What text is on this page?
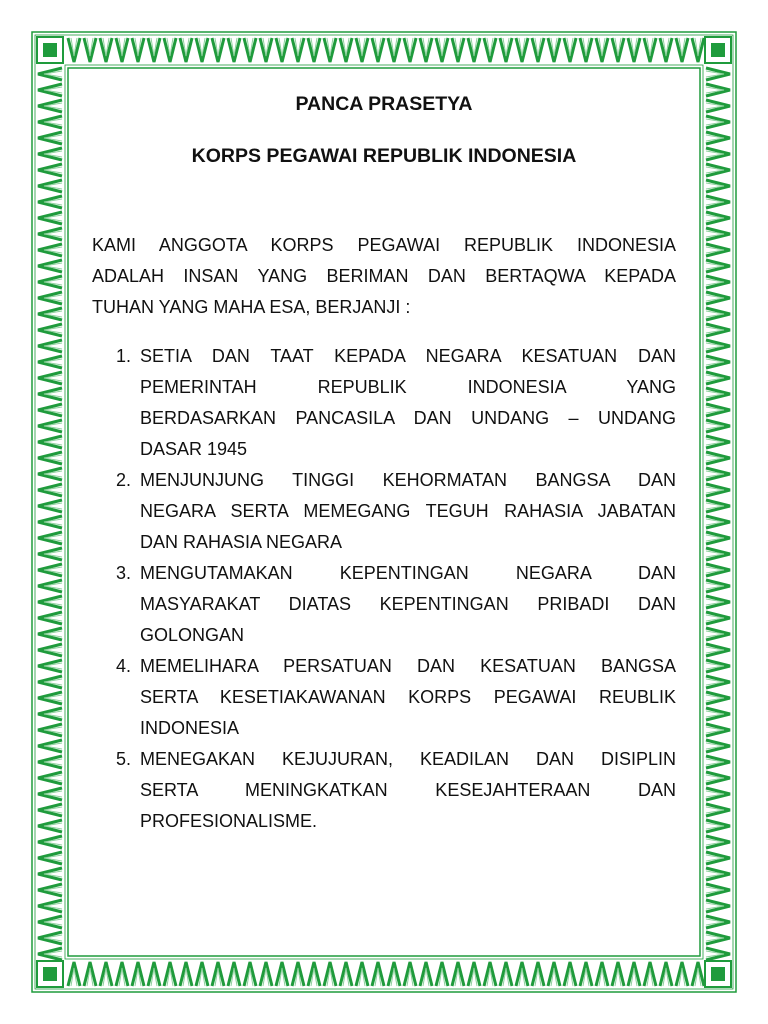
PANCA PRASETYA
KORPS PEGAWAI REPUBLIK INDONESIA
KAMI ANGGOTA KORPS PEGAWAI REPUBLIK INDONESIA
ADALAH INSAN YANG BERIMAN DAN BERTAQWA KEPADA
TUHAN YANG MAHA ESA, BERJANJI :
1. SETIA DAN TAAT KEPADA NEGARA KESATUAN DAN
PEMERINTAH REPUBLIK INDONESIA YANG
BERDASARKAN PANCASILA DAN UNDANG – UNDANG
DASAR 1945
2. MENJUNJUNG TINGGI KEHORMATAN BANGSA DAN
NEGARA SERTA MEMEGANG TEGUH RAHASIA JABATAN
DAN RAHASIA NEGARA
3. MENGUTAMAKAN KEPENTINGAN NEGARA DAN
MASYARAKAT DIATAS KEPENTINGAN PRIBADI DAN
GOLONGAN
4. MEMELIHARA PERSATUAN DAN KESATUAN BANGSA
SERTA KESETIAKAWANAN KORPS PEGAWAI REUBLIK
INDONESIA
5. MENEGAKAN KEJUJURAN, KEADILAN DAN DISIPLIN
SERTA MENINGKATKAN KESEJAHTERAAN DAN
PROFESIONALISME.
